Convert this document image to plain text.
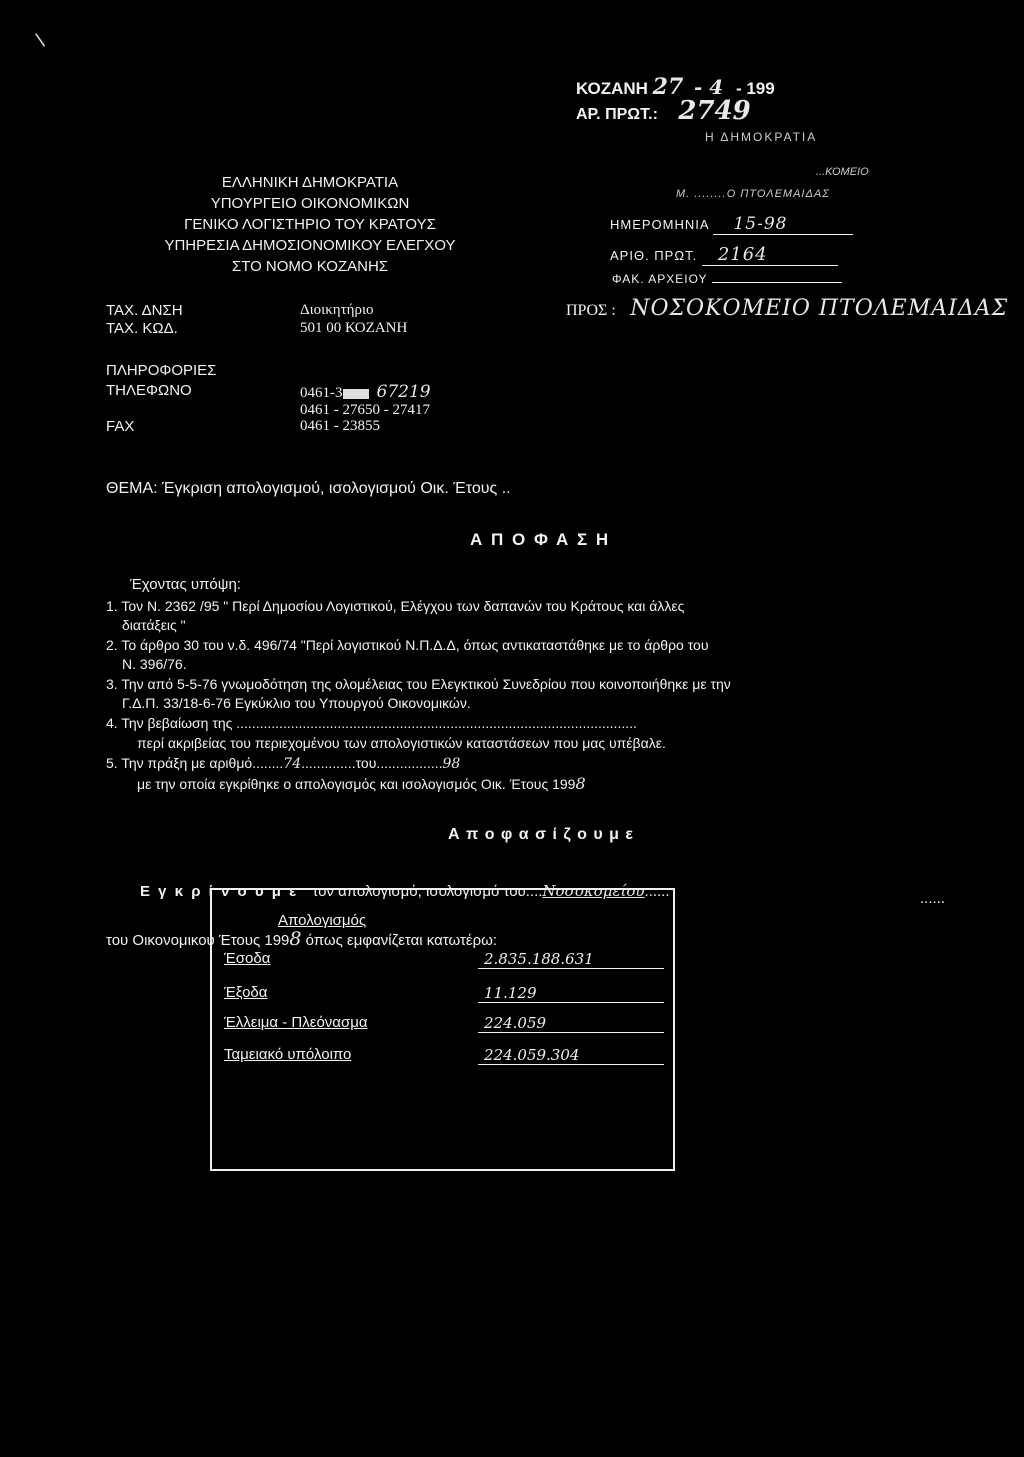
\
ΚΟΖΑΝΗ 27 - 4 - 199
ΑΡ. ΠΡΩΤ.: 2749
Η ΔΗΜΟΚΡΑΤΙΑ
...ΚΟΜΕΙΟ
Μ. ........Ο ΠΤΟΛΕΜΑΙΔΑΣ
ΗΜΕΡΟΜΗΝΙΑ 15-98
ΑΡΙΘ. ΠΡΩΤ. 2164
ΦΑΚ. ΑΡΧΕΙΟΥ
ΕΛΛΗΝΙΚΗ ΔΗΜΟΚΡΑΤΙΑ
ΥΠΟΥΡΓΕΙΟ ΟΙΚΟΝΟΜΙΚΩΝ
ΓΕΝΙΚΟ ΛΟΓΙΣΤΗΡΙΟ ΤΟΥ ΚΡΑΤΟΥΣ
ΥΠΗΡΕΣΙΑ ΔΗΜΟΣΙΟΝΟΜΙΚΟΥ ΕΛΕΓΧΟΥ
ΣΤΟ ΝΟΜΟ ΚΟΖΑΝΗΣ
ΤΑΧ. ΔΝΣΗ	Διοικητήριο
ΤΑΧ. ΚΩΔ.	501 00 ΚΟΖΑΝΗ
ΠΡΟΣ : ΝΟΣΟΚΟΜΕΙΟ ΠΤΟΛΕΜΑΙΔΑΣ
ΠΛΗΡΟΦΟΡΙΕΣ
ΤΗΛΕΦΩΝΟ	0461-3 67219
0461 - 27650 - 27417
FAX	0461 - 23855
ΘΕΜΑ: Έγκριση απολογισμού, ισολογισμού Οικ. Έτους ..
Α Π Ο Φ Α Σ Η
Έχοντας υπόψη:
1. Τον Ν. 2362 /95 " Περί Δημοσίου Λογιστικού, Ελέγχου των δαπανών του Κράτους και άλλες
διατάξεις "
2. Το άρθρο 30 του ν.δ. 496/74 "Περί λογιστικού Ν.Π.Δ.Δ, όπως αντικαταστάθηκε με το άρθρο του
Ν. 396/76.
3. Την από 5-5-76 γνωμοδότηση της ολομέλειας του Ελεγκτικού Συνεδρίου που κοινοποιήθηκε με την
Γ.Δ.Π. 33/18-6-76 Εγκύκλιο του Υπουργού Οικονομικών.
4. Την βεβαίωση της .......................................................................................................
περί ακριβείας του περιεχομένου των απολογιστικών καταστάσεων που μας υπέβαλε.
5. Την πράξη με αριθμό........74..............του.................98
με την οποία εγκρίθηκε ο απολογισμός και ισολογισμός Οικ. Έτους 1998
Α π ο φ α σ ί ζ ο υ μ ε
Ε γ κ ρ ί ν ο υ μ ε τον απολογισμό, ισολογισμό του....Νοσοκομείου......	......
του Οικονομικού Έτους 1998 όπως εμφανίζεται κατωτέρω:
Απολογισμός
Έσοδα	2.835.188.631
Έξοδα	11.129
Έλλειμα - Πλεόνασμα	224.059
Ταμειακό υπόλοιπο	224.059.304
